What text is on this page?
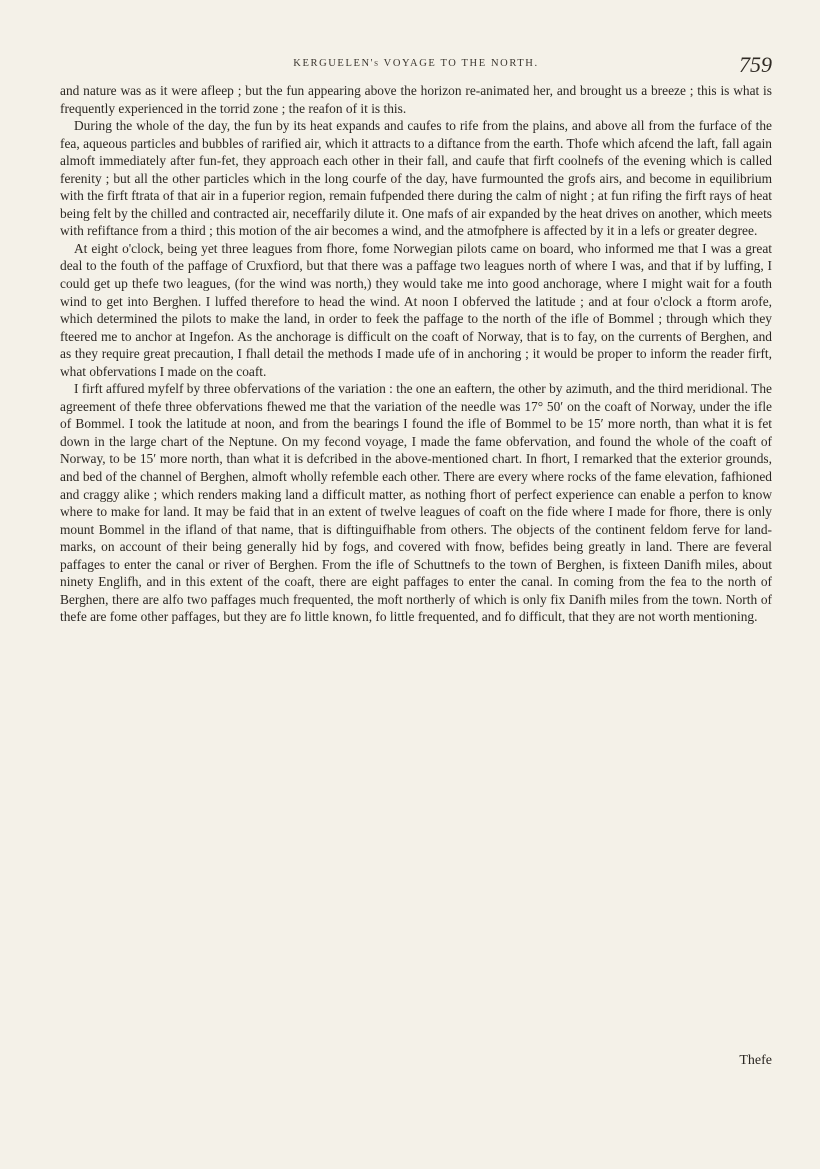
KERGUELEN's VOYAGE TO THE NORTH.	759

and nature was as it were afleep ; but the fun appearing above the horizon re-animated her, and brought us a breeze ; this is what is frequently experienced in the torrid zone ; the reafon of it is this.

During the whole of the day, the fun by its heat expands and caufes to rife from the plains, and above all from the furface of the fea, aqueous particles and bubbles of rarified air, which it attracts to a diftance from the earth. Thofe which afcend the laft, fall again almoft immediately after fun-fet, they approach each other in their fall, and caufe that firft coolnefs of the evening which is called ferenity ; but all the other particles which in the long courfe of the day, have furmounted the grofs airs, and become in equilibrium with the firft ftrata of that air in a fuperior region, remain fufpended there during the calm of night ; at fun rifing the firft rays of heat being felt by the chilled and contracted air, neceffarily dilute it. One mafs of air expanded by the heat drives on another, which meets with refiftance from a third ; this motion of the air becomes a wind, and the atmofphere is affected by it in a lefs or greater degree.

At eight o'clock, being yet three leagues from fhore, fome Norwegian pilots came on board, who informed me that I was a great deal to the fouth of the paffage of Cruxfiord, but that there was a paffage two leagues north of where I was, and that if by luffing, I could get up thefe two leagues, (for the wind was north,) they would take me into good anchorage, where I might wait for a fouth wind to get into Berghen. I luffed therefore to head the wind. At noon I obferved the latitude ; and at four o'clock a ftorm arofe, which determined the pilots to make the land, in order to feek the paffage to the north of the ifle of Bommel ; through which they fteered me to anchor at Ingefon. As the anchorage is difficult on the coaft of Norway, that is to fay, on the currents of Berghen, and as they require great precaution, I fhall detail the methods I made ufe of in anchoring ; it would be proper to inform the reader firft, what obfervations I made on the coaft.

I firft affured myfelf by three obfervations of the variation : the one an eaftern, the other by azimuth, and the third meridional. The agreement of thefe three obfervations fhewed me that the variation of the needle was 17° 50′ on the coaft of Norway, under the ifle of Bommel. I took the latitude at noon, and from the bearings I found the ifle of Bommel to be 15′ more north, than what it is fet down in the large chart of the Neptune. On my fecond voyage, I made the fame obfervation, and found the whole of the coaft of Norway, to be 15′ more north, than what it is defcribed in the above-mentioned chart. In fhort, I remarked that the exterior grounds, and bed of the channel of Berghen, almoft wholly refemble each other. There are every where rocks of the fame elevation, fafhioned and craggy alike ; which renders making land a difficult matter, as nothing fhort of perfect experience can enable a perfon to know where to make for land. It may be faid that in an extent of twelve leagues of coaft on the fide where I made for fhore, there is only mount Bommel in the ifland of that name, that is diftinguifhable from others. The objects of the continent feldom ferve for land-marks, on account of their being generally hid by fogs, and covered with fnow, befides being greatly in land. There are feveral paffages to enter the canal or river of Berghen. From the ifle of Schuttnefs to the town of Berghen, is fixteen Danifh miles, about ninety Englifh, and in this extent of the coaft, there are eight paffages to enter the canal. In coming from the fea to the north of Berghen, there are alfo two paffages much frequented, the moft northerly of which is only fix Danifh miles from the town. North of thefe are fome other paffages, but they are fo little known, fo little frequented, and fo difficult, that they are not worth mentioning.

Thefe
